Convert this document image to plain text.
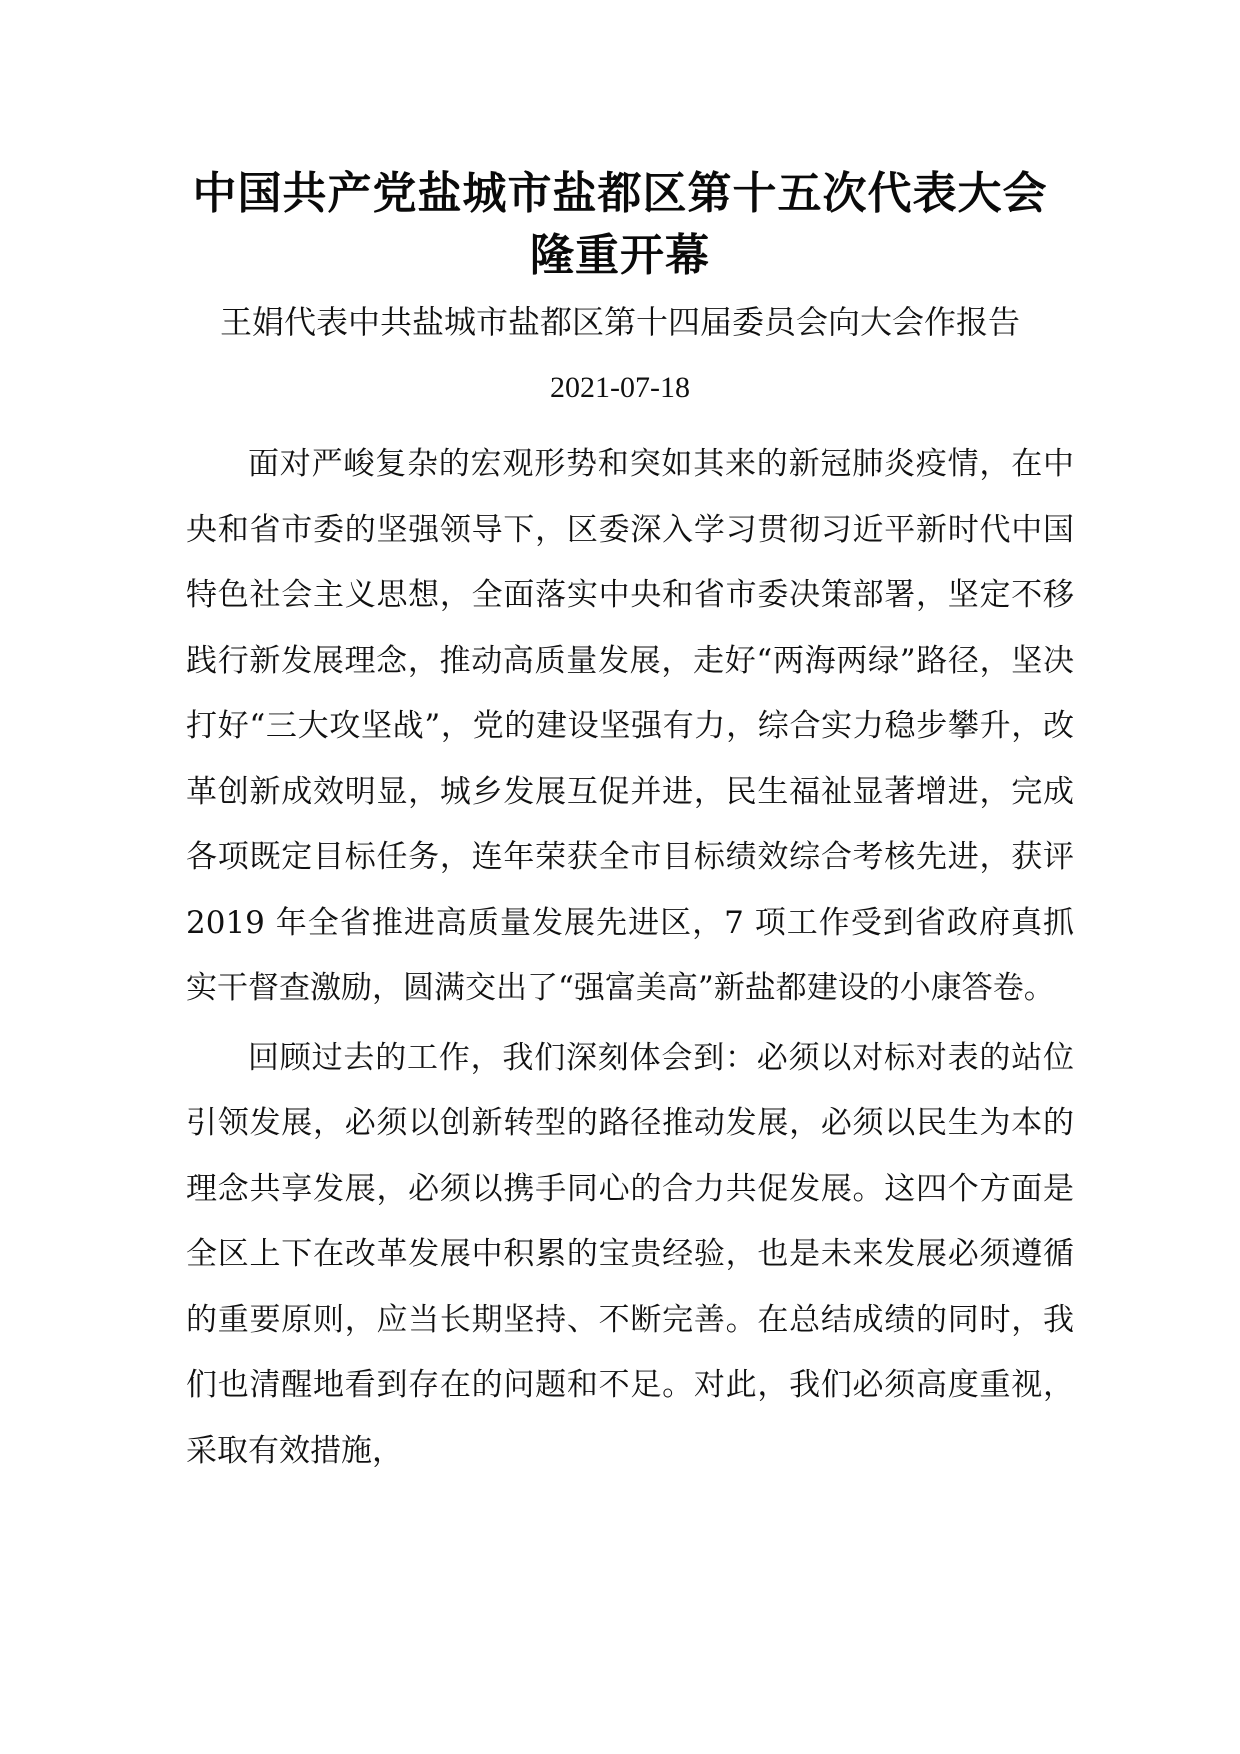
中国共产党盐城市盐都区第十五次代表大会隆重开幕

王娟代表中共盐城市盐都区第十四届委员会向大会作报告

2021-07-18

面对严峻复杂的宏观形势和突如其来的新冠肺炎疫情，在中央和省市委的坚强领导下，区委深入学习贯彻习近平新时代中国特色社会主义思想，全面落实中央和省市委决策部署，坚定不移践行新发展理念，推动高质量发展，走好“两海两绿”路径，坚决打好“三大攻坚战”，党的建设坚强有力，综合实力稳步攀升，改革创新成效明显，城乡发展互促并进，民生福祉显著增进，完成各项既定目标任务，连年荣获全市目标绩效综合考核先进，获评 2019 年全省推进高质量发展先进区，7 项工作受到省政府真抓实干督查激励，圆满交出了“强富美高”新盐都建设的小康答卷。

回顾过去的工作，我们深刻体会到：必须以对标对表的站位引领发展，必须以创新转型的路径推动发展，必须以民生为本的理念共享发展，必须以携手同心的合力共促发展。这四个方面是全区上下在改革发展中积累的宝贵经验，也是未来发展必须遵循的重要原则，应当长期坚持、不断完善。在总结成绩的同时，我们也清醒地看到存在的问题和不足。对此，我们必须高度重视，采取有效措施，
